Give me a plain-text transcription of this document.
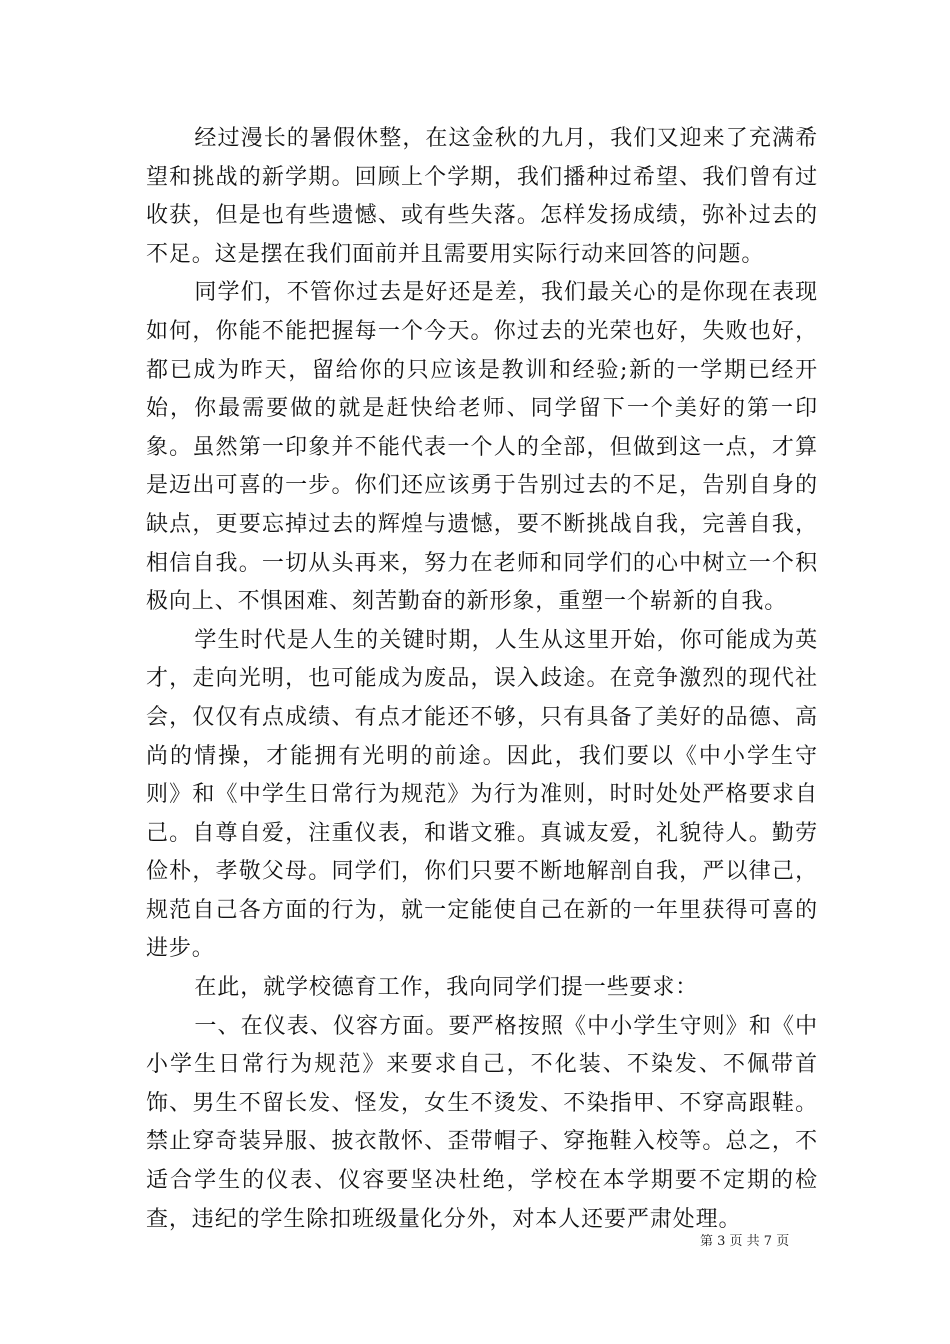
经过漫长的暑假休整，在这金秋的九月，我们又迎来了充满希望和挑战的新学期。回顾上个学期，我们播种过希望、我们曾有过收获，但是也有些遗憾、或有些失落。怎样发扬成绩，弥补过去的不足。这是摆在我们面前并且需要用实际行动来回答的问题。

同学们，不管你过去是好还是差，我们最关心的是你现在表现如何，你能不能把握每一个今天。你过去的光荣也好，失败也好，都已成为昨天，留给你的只应该是教训和经验;新的一学期已经开始，你最需要做的就是赶快给老师、同学留下一个美好的第一印象。虽然第一印象并不能代表一个人的全部，但做到这一点，才算是迈出可喜的一步。你们还应该勇于告别过去的不足，告别自身的缺点，更要忘掉过去的辉煌与遗憾，要不断挑战自我，完善自我，相信自我。一切从头再来，努力在老师和同学们的心中树立一个积极向上、不惧困难、刻苦勤奋的新形象，重塑一个崭新的自我。

学生时代是人生的关键时期，人生从这里开始，你可能成为英才，走向光明，也可能成为废品，误入歧途。在竞争激烈的现代社会，仅仅有点成绩、有点才能还不够，只有具备了美好的品德、高尚的情操，才能拥有光明的前途。因此，我们要以《中小学生守则》和《中学生日常行为规范》为行为准则，时时处处严格要求自己。自尊自爱，注重仪表，和谐文雅。真诚友爱，礼貌待人。勤劳俭朴，孝敬父母。同学们，你们只要不断地解剖自我，严以律己，规范自己各方面的行为，就一定能使自己在新的一年里获得可喜的进步。

在此，就学校德育工作，我向同学们提一些要求：

一、在仪表、仪容方面。要严格按照《中小学生守则》和《中小学生日常行为规范》来要求自己，不化装、不染发、不佩带首饰、男生不留长发、怪发，女生不烫发、不染指甲、不穿高跟鞋。禁止穿奇装异服、披衣散怀、歪带帽子、穿拖鞋入校等。总之，不适合学生的仪表、仪容要坚决杜绝，学校在本学期要不定期的检查，违纪的学生除扣班级量化分外，对本人还要严肃处理。

第 3 页 共 7 页
